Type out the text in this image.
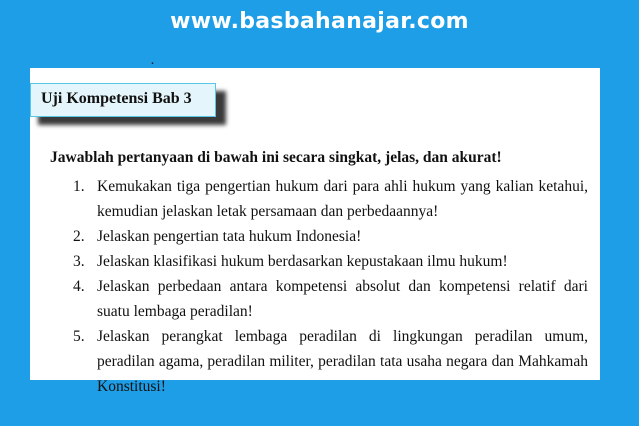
www.basbahanajar.com
·
Uji Kompetensi Bab 3
Jawablah pertanyaan di bawah ini secara singkat, jelas, dan akurat!
1. Kemukakan tiga pengertian hukum dari para ahli hukum yang kalian ketahui, kemudian jelaskan letak persamaan dan perbedaannya!
2. Jelaskan pengertian tata hukum Indonesia!
3. Jelaskan klasifikasi hukum berdasarkan kepustakaan ilmu hukum!
4. Jelaskan perbedaan antara kompetensi absolut dan kompetensi relatif dari suatu lembaga peradilan!
5. Jelaskan perangkat lembaga peradilan di lingkungan peradilan umum, peradilan agama, peradilan militer, peradilan tata usaha negara dan Mahkamah Konstitusi!
